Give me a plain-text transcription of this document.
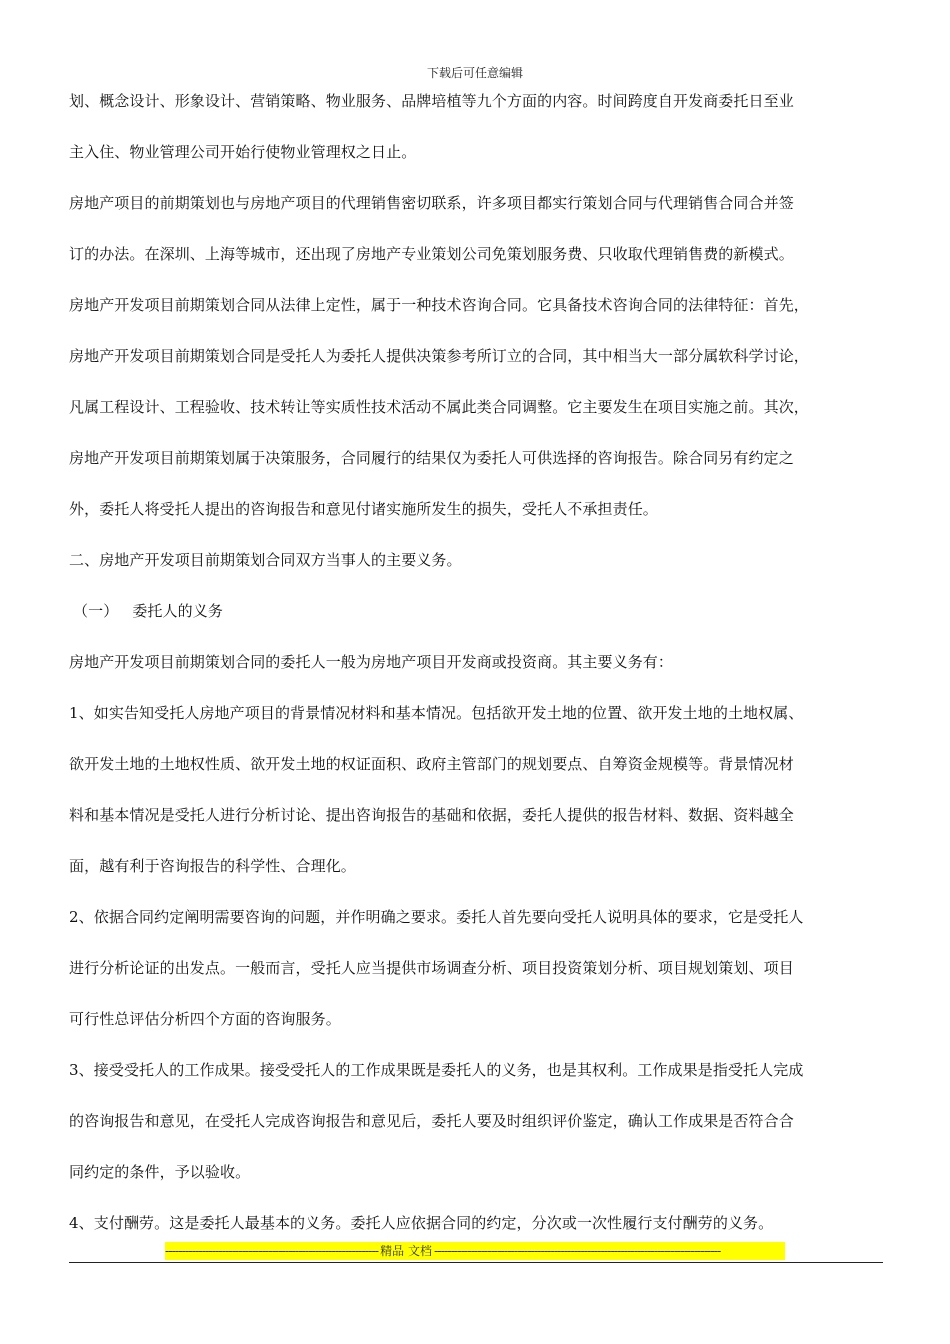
下载后可任意编辑
划、概念设计、形象设计、营销策略、物业服务、品牌培植等九个方面的内容。时间跨度自开发商委托日至业
主入住、物业管理公司开始行使物业管理权之日止。
房地产项目的前期策划也与房地产项目的代理销售密切联系，许多项目都实行策划合同与代理销售合同合并签
订的办法。在深圳、上海等城市，还出现了房地产专业策划公司免策划服务费、只收取代理销售费的新模式。
房地产开发项目前期策划合同从法律上定性，属于一种技术咨询合同。它具备技术咨询合同的法律特征：首先，
房地产开发项目前期策划合同是受托人为委托人提供决策参考所订立的合同，其中相当大一部分属软科学讨论，
凡属工程设计、工程验收、技术转让等实质性技术活动不属此类合同调整。它主要发生在项目实施之前。其次，
房地产开发项目前期策划属于决策服务，合同履行的结果仅为委托人可供选择的咨询报告。除合同另有约定之
外，委托人将受托人提出的咨询报告和意见付诸实施所发生的损失，受托人不承担责任。
二、房地产开发项目前期策划合同双方当事人的主要义务。
（一） 委托人的义务
房地产开发项目前期策划合同的委托人一般为房地产项目开发商或投资商。其主要义务有：
1、如实告知受托人房地产项目的背景情况材料和基本情况。包括欲开发土地的位置、欲开发土地的土地权属、
欲开发土地的土地权性质、欲开发土地的权证面积、政府主管部门的规划要点、自筹资金规模等。背景情况材
料和基本情况是受托人进行分析讨论、提出咨询报告的基础和依据，委托人提供的报告材料、数据、资料越全
面，越有利于咨询报告的科学性、合理化。
2、依据合同约定阐明需要咨询的问题，并作明确之要求。委托人首先要向受托人说明具体的要求，它是受托人
进行分析论证的出发点。一般而言，受托人应当提供市场调查分析、项目投资策划分析、项目规划策划、项目
可行性总评估分析四个方面的咨询服务。
3、接受受托人的工作成果。接受受托人的工作成果既是委托人的义务，也是其权利。工作成果是指受托人完成
的咨询报告和意见，在受托人完成咨询报告和意见后，委托人要及时组织评价鉴定，确认工作成果是否符合合
同约定的条件，予以验收。
4、支付酬劳。这是委托人最基本的义务。委托人应依据合同的约定，分次或一次性履行支付酬劳的义务。
---------------------------------------------------------------- 精品 文档 --------------------------------------------------------------------------------------
